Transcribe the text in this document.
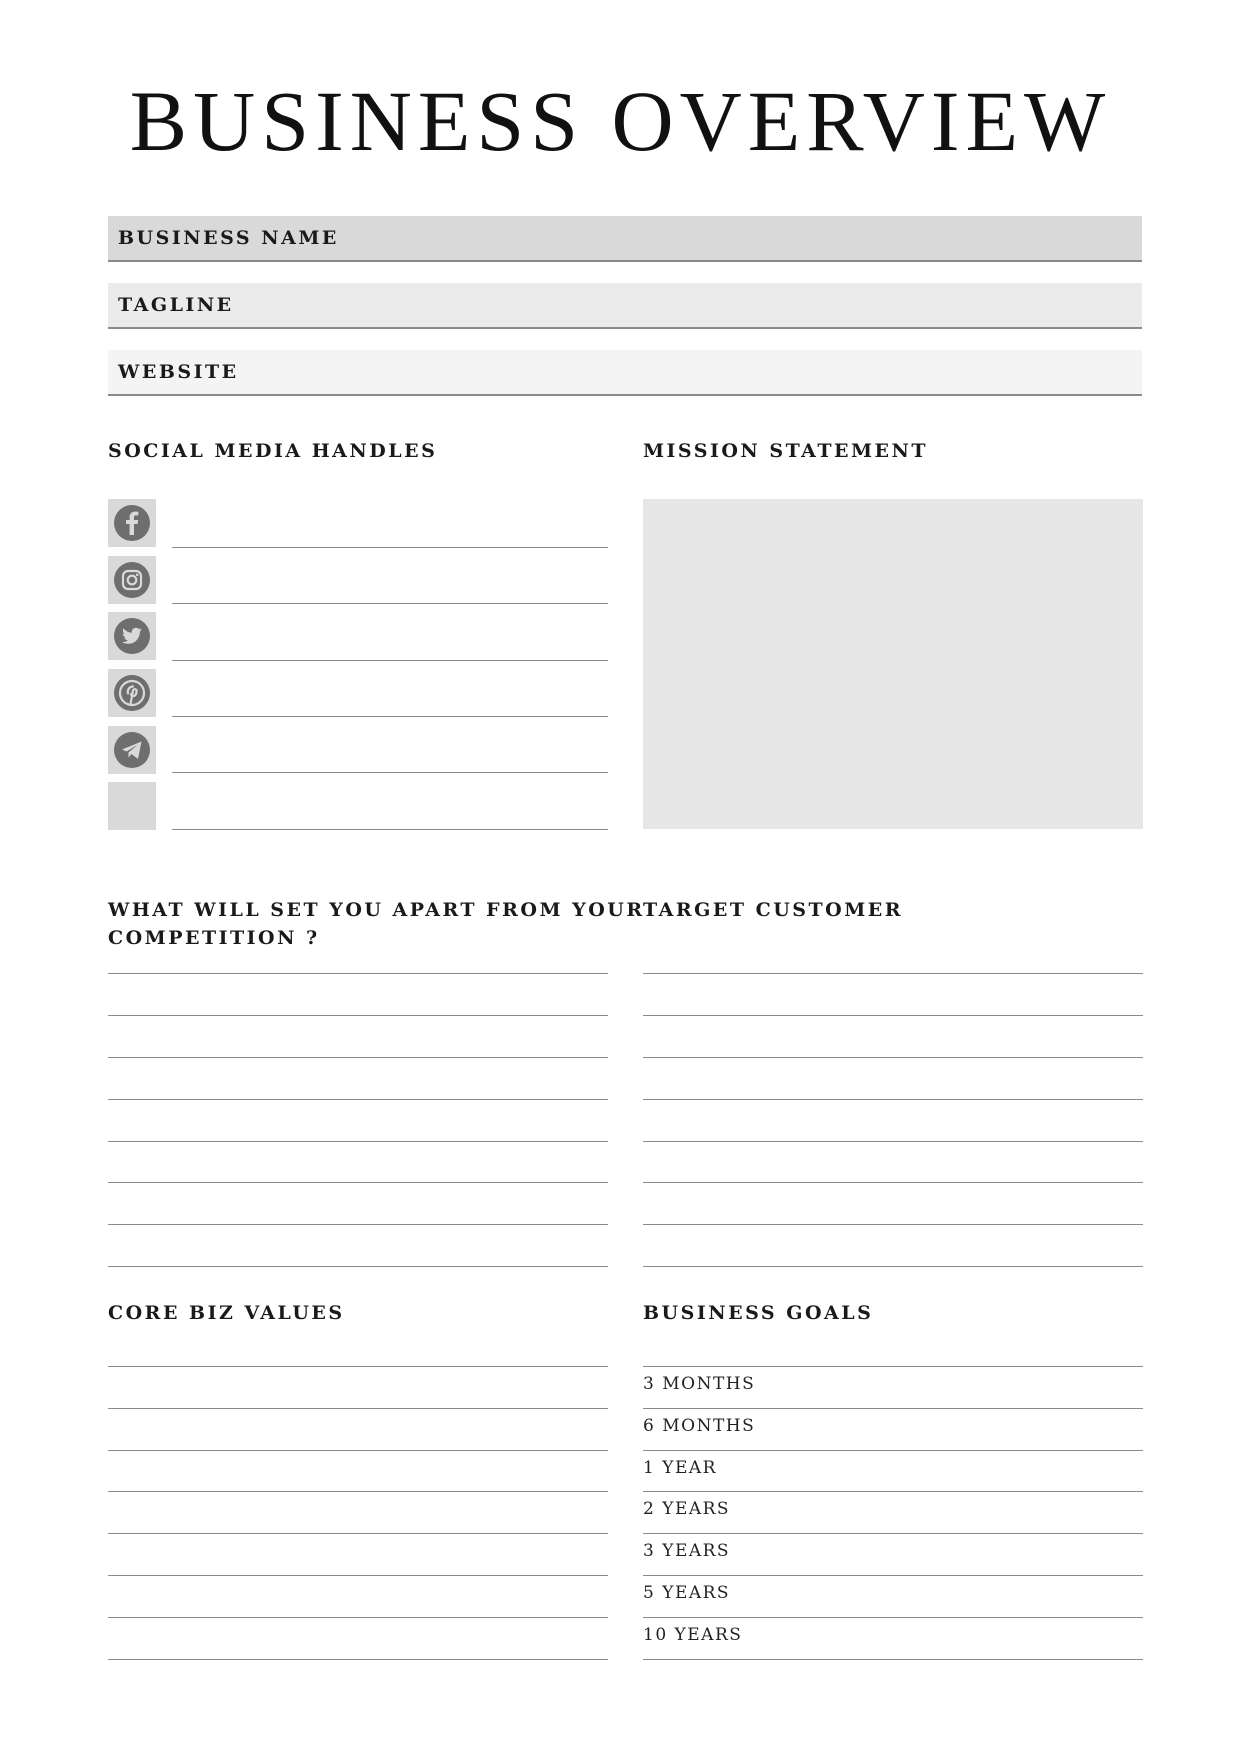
BUSINESS OVERVIEW
BUSINESS NAME
TAGLINE
WEBSITE
SOCIAL MEDIA HANDLES	MISSION STATEMENT
WHAT WILL SET YOU APART FROM YOUR
COMPETITION ?
TARGET CUSTOMER
CORE BIZ VALUES	BUSINESS GOALS
3 MONTHS
6 MONTHS
1 YEAR
2 YEARS
3 YEARS
5 YEARS
10 YEARS
